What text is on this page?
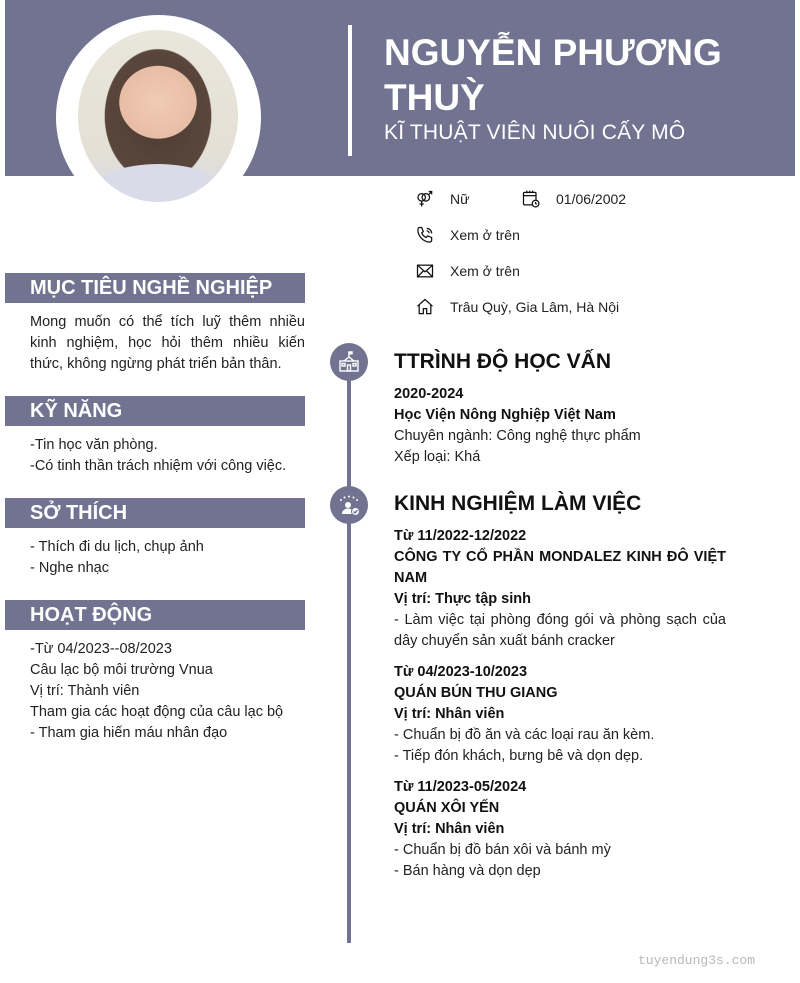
NGUYỄN PHƯƠNG THUỲ
KĨ THUẬT VIÊN NUÔI CẤY MÔ
Nữ	01/06/2002
Xem ở trên
Xem ở trên
Trâu Quỳ, Gia Lâm, Hà Nội
MỤC TIÊU NGHỀ NGHIỆP
Mong muốn có thể tích luỹ thêm nhiều kinh nghiệm, học hỏi thêm nhiều kiến thức, không ngừng phát triển bản thân.
KỸ NĂNG
-Tin học văn phòng.
-Có tinh thần trách nhiệm với công việc.
SỞ THÍCH
- Thích đi du lịch, chụp ảnh
- Nghe nhạc
HOẠT ĐỘNG
-Từ 04/2023--08/2023
Câu lạc bộ môi trường Vnua
Vị trí: Thành viên
Tham gia các hoạt động của câu lạc bộ
- Tham gia hiến máu nhân đạo
TTRÌNH ĐỘ HỌC VẤN
2020-2024
Học Viện Nông Nghiệp Việt Nam
Chuyên ngành: Công nghệ thực phẩm
Xếp loại: Khá
KINH NGHIỆM LÀM VIỆC
Từ 11/2022-12/2022
CÔNG TY CỔ PHẦN MONDALEZ KINH ĐÔ VIỆT NAM
Vị trí: Thực tập sinh
- Làm việc tại phòng đóng gói và phòng sạch của dây chuyển sản xuất bánh cracker
Từ 04/2023-10/2023
QUÁN BÚN THU GIANG
Vị trí: Nhân viên
- Chuẩn bị đồ ăn và các loại rau ăn kèm.
- Tiếp đón khách, bưng bê và dọn dẹp.
Từ 11/2023-05/2024
QUÁN XÔI YẾN
Vị trí: Nhân viên
- Chuẩn bị đồ bán xôi và bánh mỳ
- Bán hàng và dọn dẹp
tuyendung3s.com
